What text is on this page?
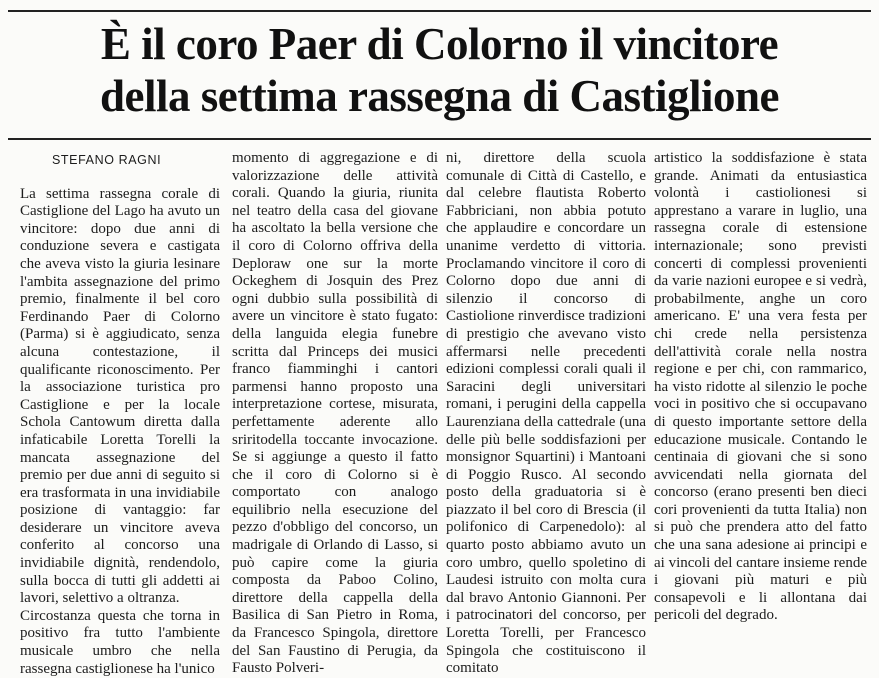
È il coro Paer di Colorno il vincitore
della settima rassegna di Castiglione
STEFANO RAGNI

La settima rassegna corale di Castiglione del Lago ha avuto un vincitore: dopo due anni di conduzione severa e castigata che aveva visto la giuria lesinare l'ambita assegnazione del primo premio, finalmente il bel coro Ferdinando Paer di Colorno (Parma) si è aggiudicato, senza alcuna contestazione, il qualificante riconoscimento. Per la associazione turistica pro Castiglione e per la locale Schola Cantowum diretta dalla infaticabile Loretta Torelli la mancata assegnazione del premio per due anni di seguito si era trasformata in una invidiabile posizione di vantaggio: far desiderare un vincitore aveva conferito al concorso una invidiabile dignità, rendendolo, sulla bocca di tutti gli addetti ai lavori, selettivo a oltranza.

Circostanza questa che torna in positivo fra tutto l'ambiente musicale umbro che nella rassegna castiglionese ha l'unico

momento di aggregazione e di valorizzazione delle attività corali. Quando la giuria, riunita nel teatro della casa del giovane ha ascoltato la bella versione che il coro di Colorno offriva della Deploraw one sur la morte Ockeghem di Josquin des Prez ogni dubbio sulla possibilità di avere un vincitore è stato fugato: della languida elegia funebre scritta dal Princeps dei musici franco fiamminghi i cantori parmensi hanno proposto una interpretazione cortese, misurata, perfettamente aderente allo sriritodella toccante invocazione. Se si aggiunge a questo il fatto che il coro di Colorno si è comportato con analogo equilibrio nella esecuzione del pezzo d'obbligo del concorso, un madrigale di Orlando di Lasso, si può capire come la giuria composta da Paboo Colino, direttore della cappella della Basilica di San Pietro in Roma, da Francesco Spingola, direttore del San Faustino di Perugia, da Fausto Polveri-

ni, direttore della scuola comunale di Città di Castello, e dal celebre flautista Roberto Fabbriciani, non abbia potuto che applaudire e concordare un unanime verdetto di vittoria. Proclamando vincitore il coro di Colorno dopo due anni di silenzio il concorso di Castiolione rinverdisce tradizioni di prestigio che avevano visto affermarsi nelle precedenti edizioni complessi corali quali il Saracini degli universitari romani, i perugini della cappella Laurenziana della cattedrale (una delle più belle soddisfazioni per monsignor Squartini) i Mantoani di Poggio Rusco. Al secondo posto della graduatoria si è piazzato il bel coro di Brescia (il polifonico di Carpenedolo): al quarto posto abbiamo avuto un coro umbro, quello spoletino di Laudesi istruito con molta cura dal bravo Antonio Giannoni. Per i patrocinatori del concorso, per Loretta Torelli, per Francesco Spingola che costituiscono il comitato

artistico la soddisfazione è stata grande. Animati da entusiastica volontà i castiolionesi si apprestano a varare in luglio, una rassegna corale di estensione internazionale; sono previsti concerti di complessi provenienti da varie nazioni europee e si vedrà, probabilmente, anghe un coro americano. E' una vera festa per chi crede nella persistenza dell'attività corale nella nostra regione e per chi, con rammarico, ha visto ridotte al silenzio le poche voci in positivo che si occupavano di questo importante settore della educazione musicale. Contando le centinaia di giovani che si sono avvicendati nella giornata del concorso (erano presenti ben dieci cori provenienti da tutta Italia) non si può che prendera atto del fatto che una sana adesione ai principi e ai vincoli del cantare insieme rende i giovani più maturi e più consapevoli e li allontana dai pericoli del degrado.
